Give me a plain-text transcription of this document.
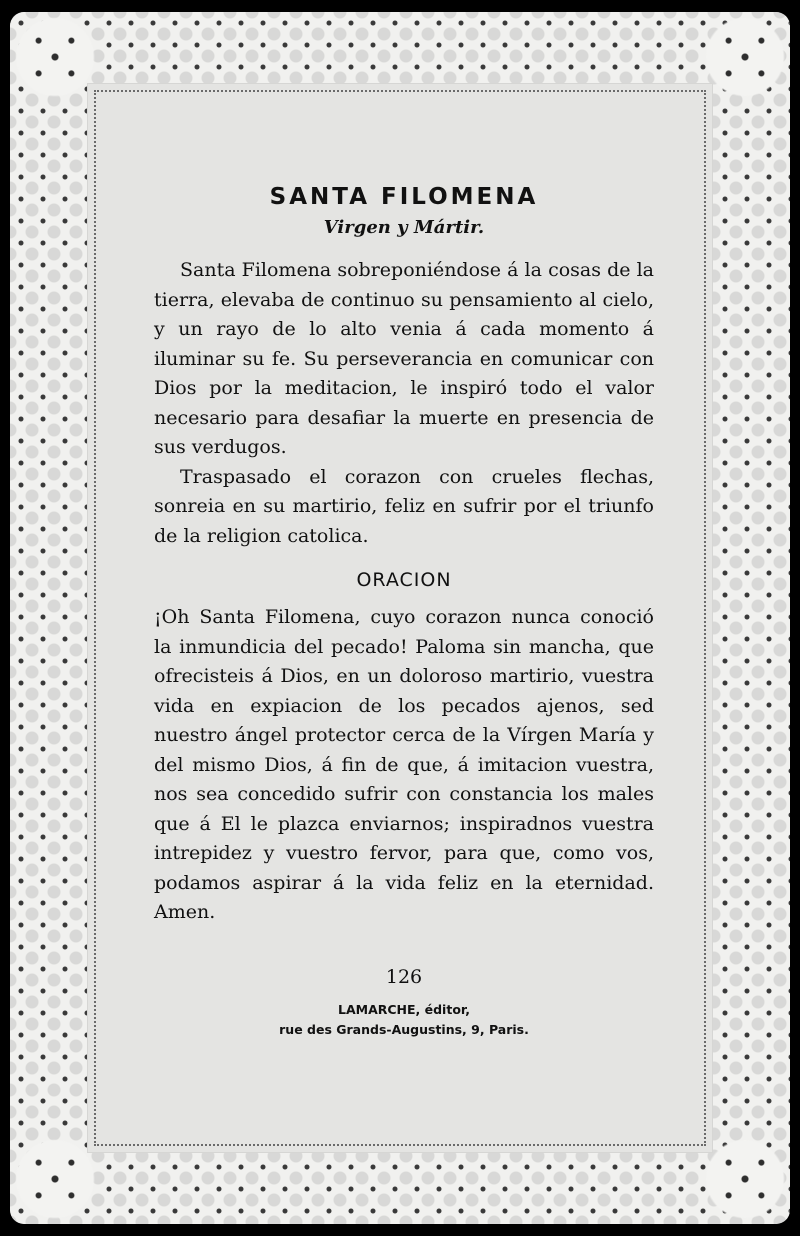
SANTA FILOMENA

Virgen y Mártir.

Santa Filomena sobreponiéndose á la cosas de la tierra, elevaba de continuo su pensamiento al cielo, y un rayo de lo alto venia á cada momento á iluminar su fe. Su perseverancia en comunicar con Dios por la meditacion, le inspiró todo el valor necesario para desafiar la muerte en presencia de sus verdugos.

Traspasado el corazon con crueles flechas, sonreia en su martirio, feliz en sufrir por el triunfo de la religion catolica.

ORACION

¡Oh Santa Filomena, cuyo corazon nunca conoció la inmundicia del pecado! Paloma sin mancha, que ofrecisteis á Dios, en un doloroso martirio, vuestra vida en expiacion de los pecados ajenos, sed nuestro ángel protector cerca de la Vírgen María y del mismo Dios, á fin de que, á imitacion vuestra, nos sea concedido sufrir con constancia los males que á El le plazca enviarnos; inspiradnos vuestra intrepidez y vuestro fervor, para que, como vos, podamos aspirar á la vida feliz en la eternidad. Amen.

126

LAMARCHE, éditor,
rue des Grands-Augustins, 9, Paris.
